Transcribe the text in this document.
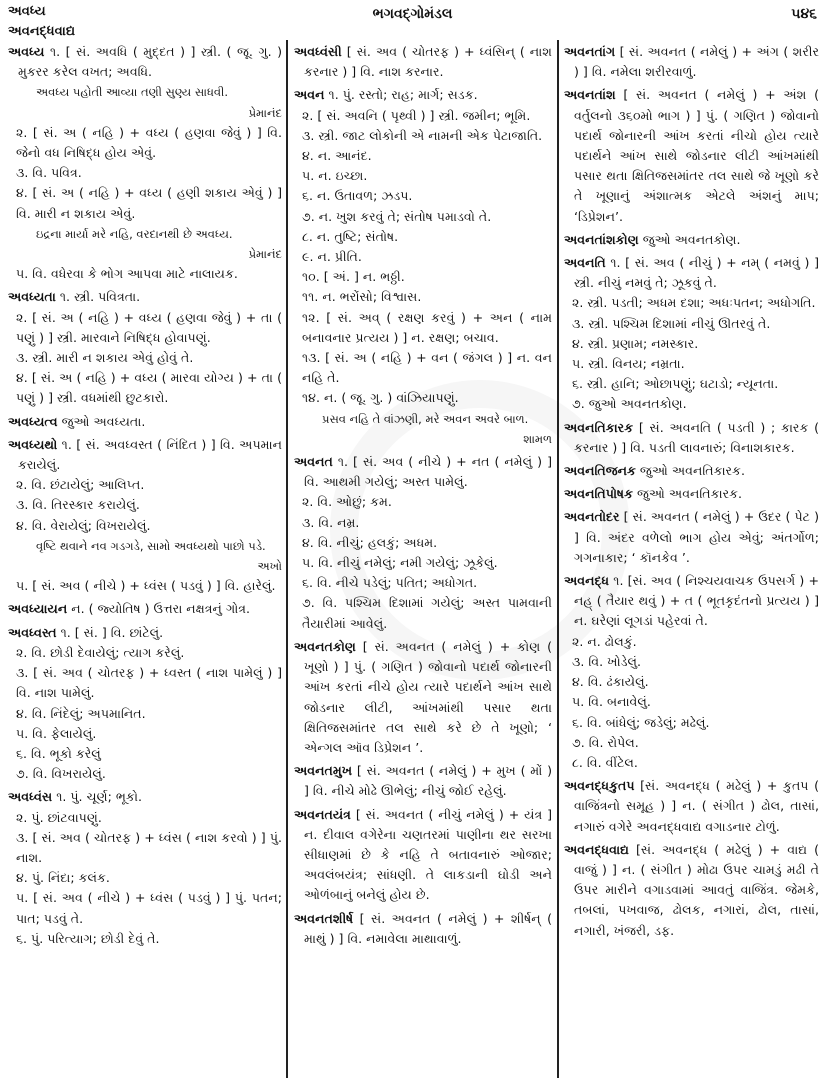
અવધ્ય
અવનદ્ધવાદ્ય
ભગવદ્ગોમંડલ	૫૪૬
અવધ્ય ૧. [ સં. અવધિ ( મુદ્દત ) ] સ્ત્રી. ( જૂ. ગુ. ) મુકરર કરેલ વખત; અવધિ.
અવધ્ય પહોતી આવ્યા તણી સુણ્ય સાધવી.
પ્રેમાનંદ
૨. [ સં. અ ( નહિ ) + વધ્ય ( હણવા જેવું ) ] વિ. જેનો વધ નિષિદ્ધ હોય એવું.
૩. વિ. પવિત્ર.
૪. [ સં. અ ( નહિ ) + વધ્ય ( હણી શકાય એવું ) ] વિ. મારી ન શકાય એવું.
ઇદ્રના માર્યા મરે નહિ, વરદાનથી છે અવધ્ય.
પ્રેમાનંદ
૫. વિ. વધેરવા કે ભોગ આપવા માટે નાલાયક.
અવધ્યતા ૧. સ્ત્રી. પવિત્રતા.
૨. [ સં. અ ( નહિ ) + વધ્ય ( હણવા જેવું ) + તા ( પણું ) ] સ્ત્રી. મારવાને નિષિદ્ધ હોવાપણું.
૩. સ્ત્રી. મારી ન શકાય એવું હોવું તે.
૪. [ સં. અ ( નહિ ) + વધ્ય ( મારવા યોગ્ય ) + તા ( પણું ) ] સ્ત્રી. વધમાંથી છુટકારો.
અવધ્યત્વ જુઓ અવધ્યતા.
અવધ્યથો ૧. [ સં. અવધ્વસ્ત ( નિંદિત ) ] વિ. અપમાન કરાયેલું.
૨. વિ. છંટાયેલું; આલિપ્ત.
૩. વિ. તિરસ્કાર કરાયેલું.
૪. વિ. વેરાયેલું; વિખરાયેલું.
વૃષ્ટિ થવાને નવ ગડગડે, સામો અવધ્યથો પાછો પડે.
અખો
૫. [ સં. અવ ( નીચે ) + ધ્વંસ ( પડવું ) ] વિ. હારેલું.
અવધ્યાયન ન. ( જ્યોતિષ ) ઉત્તરા નક્ષત્રનું ગોત્ર.
અવધ્વસ્ત ૧. [ સં. ] વિ. છાંટેલું.
૨. વિ. છોડી દેવાયેલું; ત્યાગ કરેલું.
૩. [ સં. અવ ( ચોતરફ ) + ધ્વસ્ત ( નાશ પામેલું ) ] વિ. નાશ પામેલું.
૪. વિ. નિંદેલું; અપમાનિત.
૫. વિ. ફેલાયેલું.
૬. વિ. ભૂકો કરેલું
૭. વિ. વિખરાયેલું.
અવધ્વંસ ૧. પું. ચૂર્ણ; ભૂકો.
૨. પું. છાંટવાપણું.
૩. [ સં. અવ ( ચોતરફ ) + ધ્વંસ ( નાશ કરવો ) ] પું. નાશ.
૪. પું. નિંદા; કલંક.
૫. [ સં. અવ ( નીચે ) + ધ્વંસ ( પડવું ) ] પું. પતન; પાત; પડવું તે.
૬. પું. પરિત્યાગ; છોડી દેવું તે.
અવધ્વંસી [ સં. અવ ( ચોતરફ ) + ધ્વંસિન્ ( નાશ કરનાર ) ] વિ. નાશ કરનાર.
અવન ૧. પું. રસ્તો; રાહ; માર્ગ; સડક.
૨. [ સં. અવનિ ( પૃથ્વી ) ] સ્ત્રી. જમીન; ભૂમિ.
૩. સ્ત્રી. જાટ લોકોની એ નામની એક પેટાજાતિ.
૪. ન. આનંદ.
૫. ન. ઇચ્છા.
૬. ન. ઉતાવળ; ઝડપ.
૭. ન. ખુશ કરવું તે; સંતોષ પમાડવો તે.
૮. ન. તુષ્ટિ; સંતોષ.
૯. ન. પ્રીતિ.
૧૦. [ અં. ] ન. ભઠ્ઠી.
૧૧. ન. ભરોંસો; વિશ્વાસ.
૧૨. [ સં. અવ્ ( રક્ષણ કરવું ) + અન ( નામ બનાવનાર પ્રત્યય ) ] ન. રક્ષણ; બચાવ.
૧૩. [ સં. અ ( નહિ ) + વન ( જંગલ ) ] ન. વન નહિ તે.
૧૪. ન. ( જૂ. ગુ. ) વાંઝિયાપણું.
પ્રસવ નહિ તે વાંઝણી, મરે અવન અવરે બાળ.
શામળ
અવનત ૧. [ સં. અવ ( નીચે ) + નત ( નમેલું ) ] વિ. આથમી ગયેલું; અસ્ત પામેલું.
૨. વિ. ઓછું; કમ.
૩. વિ. નમ્ર.
૪. વિ. નીચું; હલકું; અધમ.
૫. વિ. નીચું નમેલું; નમી ગયેલું; ઝૂકેલું.
૬. વિ. નીચે પડેલું; પતિત; અધોગત.
૭. વિ. પશ્ચિમ દિશામાં ગયેલું; અસ્ત પામવાની તૈયારીમાં આવેલું.
અવનતકોણ [ સં. અવનત ( નમેલું ) + કોણ ( ખૂણો ) ] પું. ( ગણિત ) જોવાનો પદાર્થ જોનારની આંખ કરતાં નીચે હોય ત્યારે પદાર્થને આંખ સાથે જોડનાર લીટી, આંખમાંથી પસાર થતા ક્ષિતિજસમાંતર તલ સાથે કરે છે તે ખૂણો; ‘ એન્ગલ ઑવ ડિપ્રેશન ’.
અવનતમુખ [ સં. અવનત ( નમેલું ) + મુખ ( મોં ) ] વિ. નીચે મોઢે ઊભેલું; નીચું જોઈ રહેલું.
અવનતયંત્ર [ સં. અવનત ( નીચું નમેલું ) + યંત્ર ] ન. દીવાલ વગેરેના ચણતરમાં પાણીના થર સરખા સીધાણમાં છે કે નહિ તે બતાવનારું ઓજાર; અવલંબયંત્ર; સાંધણી. તે લાકડાની ઘોડી અને ઓળંબાનું બનેલું હોય છે.
અવનતશીર્ષ [ સં. અવનત ( નમેલું ) + શીર્ષન્ ( માથું ) ] વિ. નમાવેલા માથાવાળું.
અવનતાંગ [ સં. અવનત ( નમેલું ) + અંગ ( શરીર ) ] વિ. નમેલા શરીરવાળું.
અવનતાંશ [ સં. અવનત ( નમેલું ) + અંશ ( વર્તુલનો ૩૬૦મો ભાગ ) ] પું. ( ગણિત ) જોવાનો પદાર્થ જોનારની આંખ કરતાં નીચો હોય ત્યારે પદાર્થને આંખ સાથે જોડનાર લીટી આંખમાંથી પસાર થતા ક્ષિતિજસમાંતર તલ સાથે જે ખૂણો કરે તે ખૂણાનું અંશાત્મક એટલે અંશનું માપ; ‘ડિપ્રેશન’.
અવનતાંશકોણ જુઓ અવનતકોણ.
અવનતિ ૧. [ સં. અવ ( નીચું ) + નમ્ ( નમવું ) ] સ્ત્રી. નીચું નમવું તે; ઝૂકવું તે.
૨. સ્ત્રી. પડતી; અધમ દશા; અધઃપતન; અધોગતિ.
૩. સ્ત્રી. પશ્ચિમ દિશામાં નીચું ઊતરવું તે.
૪. સ્ત્રી. પ્રણામ; નમસ્કાર.
૫. સ્ત્રી. વિનય; નમ્રતા.
૬. સ્ત્રી. હાનિ; ઓછાપણું; ઘટાડો; ન્યૂનતા.
૭. જુઓ અવનતકોણ.
અવનતિકારક [ સં. અવનતિ ( પડતી ) ; કારક ( કરનાર ) ] વિ. પડતી લાવનારું; વિનાશકારક.
અવનતિજનક જુઓ અવનતિકારક.
અવનતિપોષક જુઓ અવનતિકારક.
અવનતોદર [ સં. અવનત ( નમેલું ) + ઉદર ( પેટ ) ] વિ. અંદર વળેલો ભાગ હોય એવું; અંતર્ગોળ; ગગનાકાર; ‘ કૉનકેવ ’.
અવનદ્ધ ૧. [સં. અવ ( નિશ્ચયવાચક ઉપસર્ગ ) + નહ્ ( તૈયાર થવું ) + ત ( ભૂતકૃદંતનો પ્રત્યય ) ] ન. ઘરેણાં લૂગડાં પહેરવાં તે.
૨. ન. ઢોલકું.
૩. વિ. ખોડેલું.
૪. વિ. ઢંકાયેલું.
૫. વિ. બનાવેલું.
૬. વિ. બાંધેલું; જડેલું; મઢેલું.
૭. વિ. રોપેલ.
૮. વિ. વીંટેલ.
અવનદ્ધકુતપ [સં. અવનદ્ધ ( મઢેલું ) + કુતપ ( વાજિંત્રનો સમૂહ ) ] ન. ( સંગીત ) ઢોલ, તાસાં, નગારું વગેરે અવનદ્ધવાદ્ય વગાડનાર ટોળું.
અવનદ્ધવાદ્ય [સં. અવનદ્ધ ( મઢેલું ) + વાદ્ય ( વાજું ) ] ન. ( સંગીત ) મોઢા ઉપર ચામડું મઢી તે ઉપર મારીને વગાડવામાં આવતું વાજિંત્ર. જેમકે, તબલાં, પખવાજ, ઢોલક, નગારાં, ઢોલ, તાસાં, નગારી, ખંજરી, ડફ.
